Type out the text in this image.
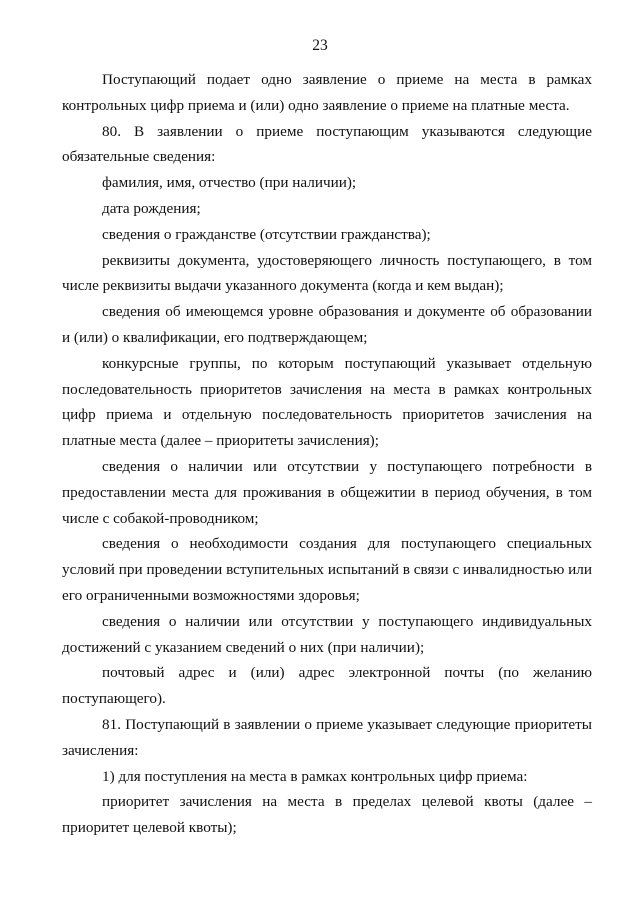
23

Поступающий подает одно заявление о приеме на места в рамках контрольных цифр приема и (или) одно заявление о приеме на платные места.

80. В заявлении о приеме поступающим указываются следующие обязательные сведения:

фамилия, имя, отчество (при наличии);

дата рождения;

сведения о гражданстве (отсутствии гражданства);

реквизиты документа, удостоверяющего личность поступающего, в том числе реквизиты выдачи указанного документа (когда и кем выдан);

сведения об имеющемся уровне образования и документе об образовании и (или) о квалификации, его подтверждающем;

конкурсные группы, по которым поступающий указывает отдельную последовательность приоритетов зачисления на места в рамках контрольных цифр приема и отдельную последовательность приоритетов зачисления на платные места (далее – приоритеты зачисления);

сведения о наличии или отсутствии у поступающего потребности в предоставлении места для проживания в общежитии в период обучения, в том числе с собакой-проводником;

сведения о необходимости создания для поступающего специальных условий при проведении вступительных испытаний в связи с инвалидностью или его ограниченными возможностями здоровья;

сведения о наличии или отсутствии у поступающего индивидуальных достижений с указанием сведений о них (при наличии);

почтовый адрес и (или) адрес электронной почты (по желанию поступающего).

81. Поступающий в заявлении о приеме указывает следующие приоритеты зачисления:

1) для поступления на места в рамках контрольных цифр приема:

приоритет зачисления на места в пределах целевой квоты (далее – приоритет целевой квоты);
